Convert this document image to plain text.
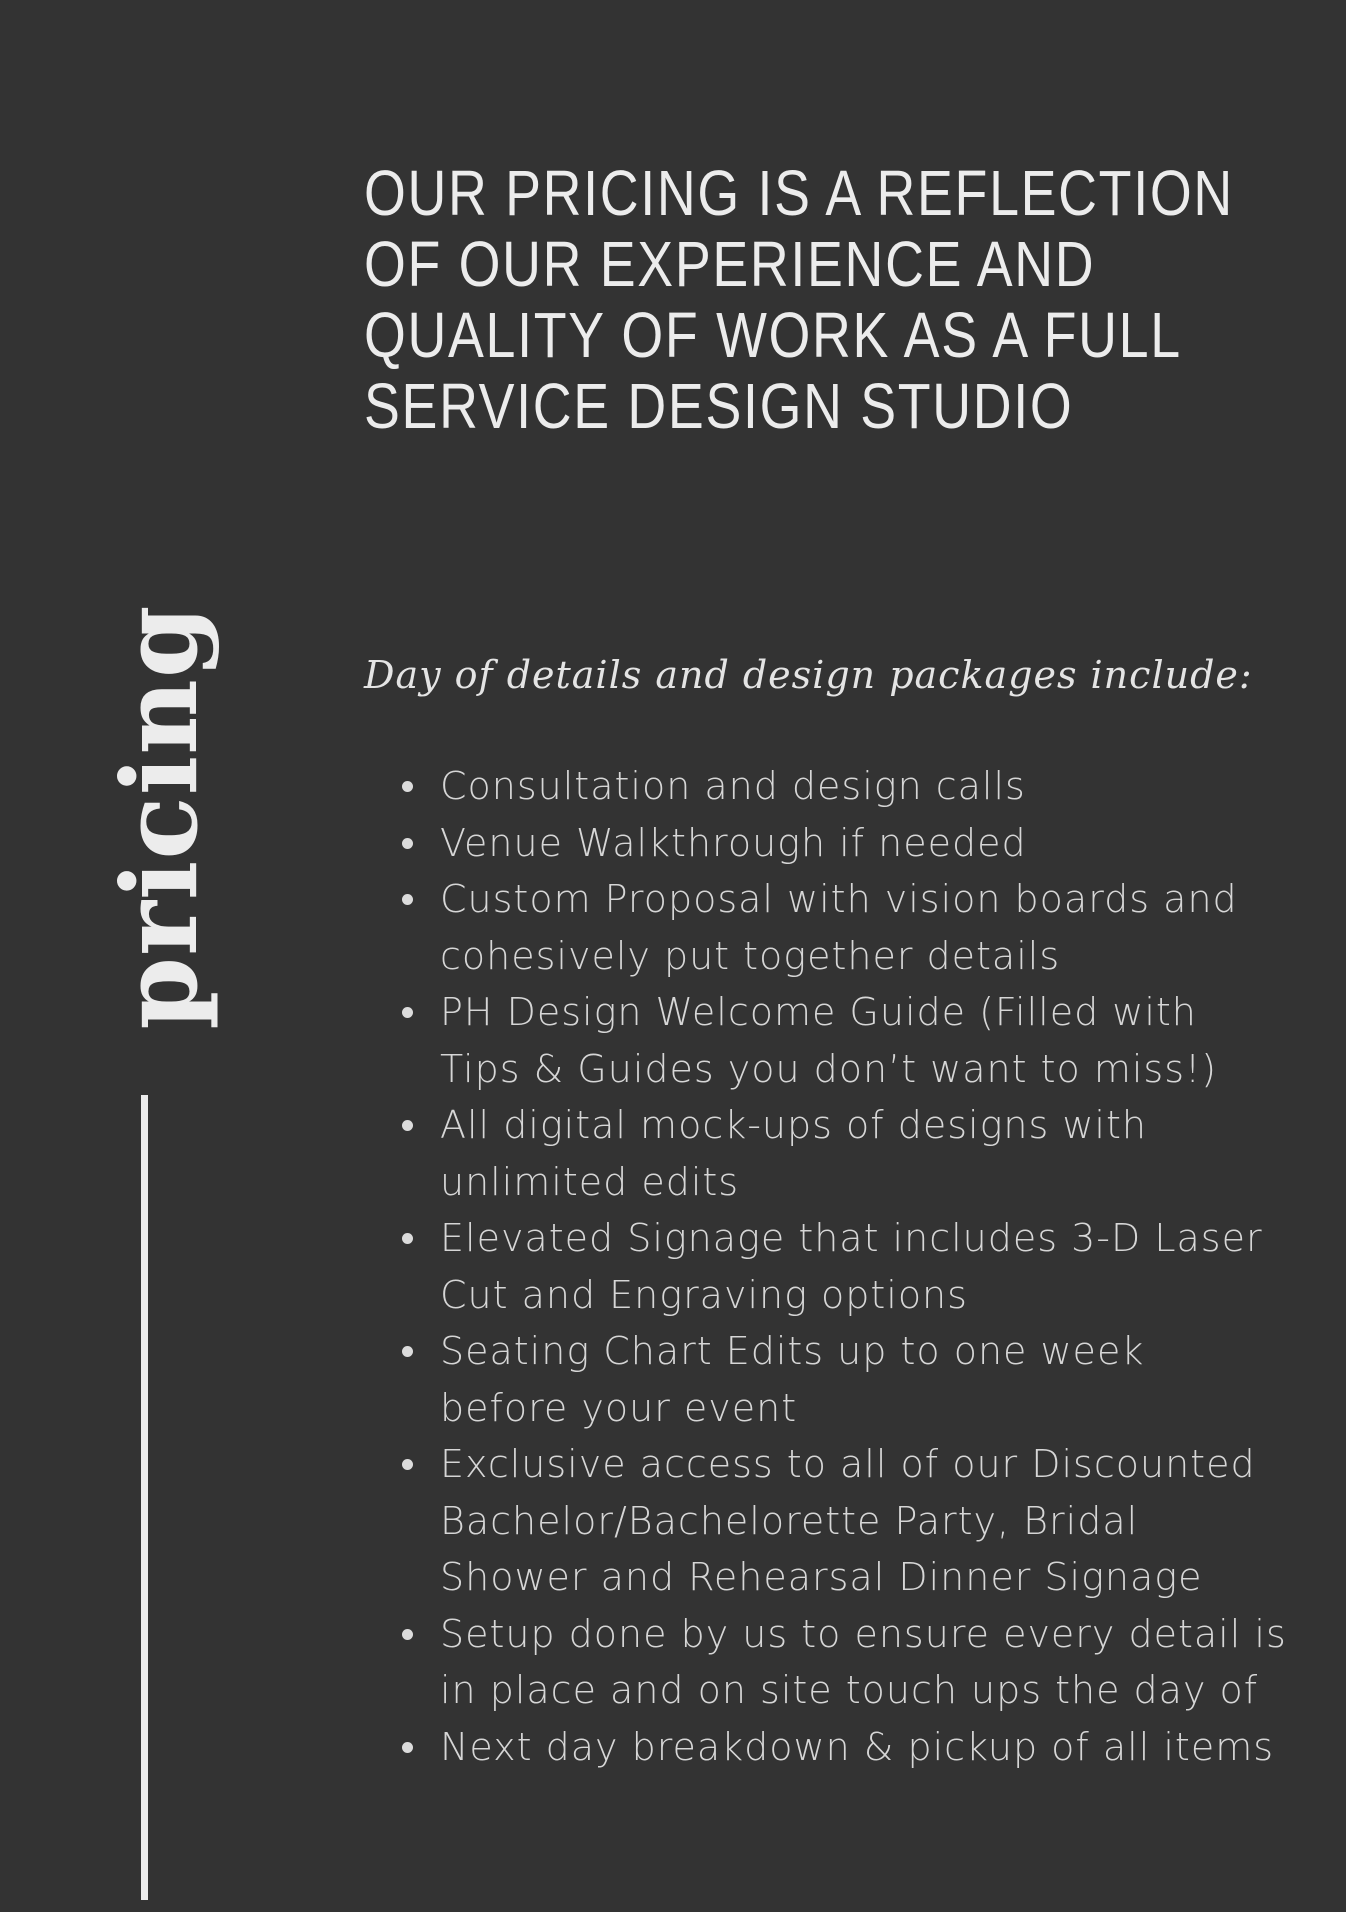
OUR PRICING IS A REFLECTION
OF OUR EXPERIENCE AND
QUALITY OF WORK AS A FULL
SERVICE DESIGN STUDIO
pricing	Day of details and design packages include:
Consultation and design calls
Venue Walkthrough if needed
Custom Proposal with vision boards and
cohesively put together details
PH Design Welcome Guide (Filled with
Tips & Guides you don’t want to miss!)
All digital mock-ups of designs with
unlimited edits
Elevated Signage that includes 3-D Laser
Cut and Engraving options
Seating Chart Edits up to one week
before your event
Exclusive access to all of our Discounted
Bachelor/Bachelorette Party, Bridal
Shower and Rehearsal Dinner Signage
Setup done by us to ensure every detail is
in place and on site touch ups the day of
Next day breakdown & pickup of all items
